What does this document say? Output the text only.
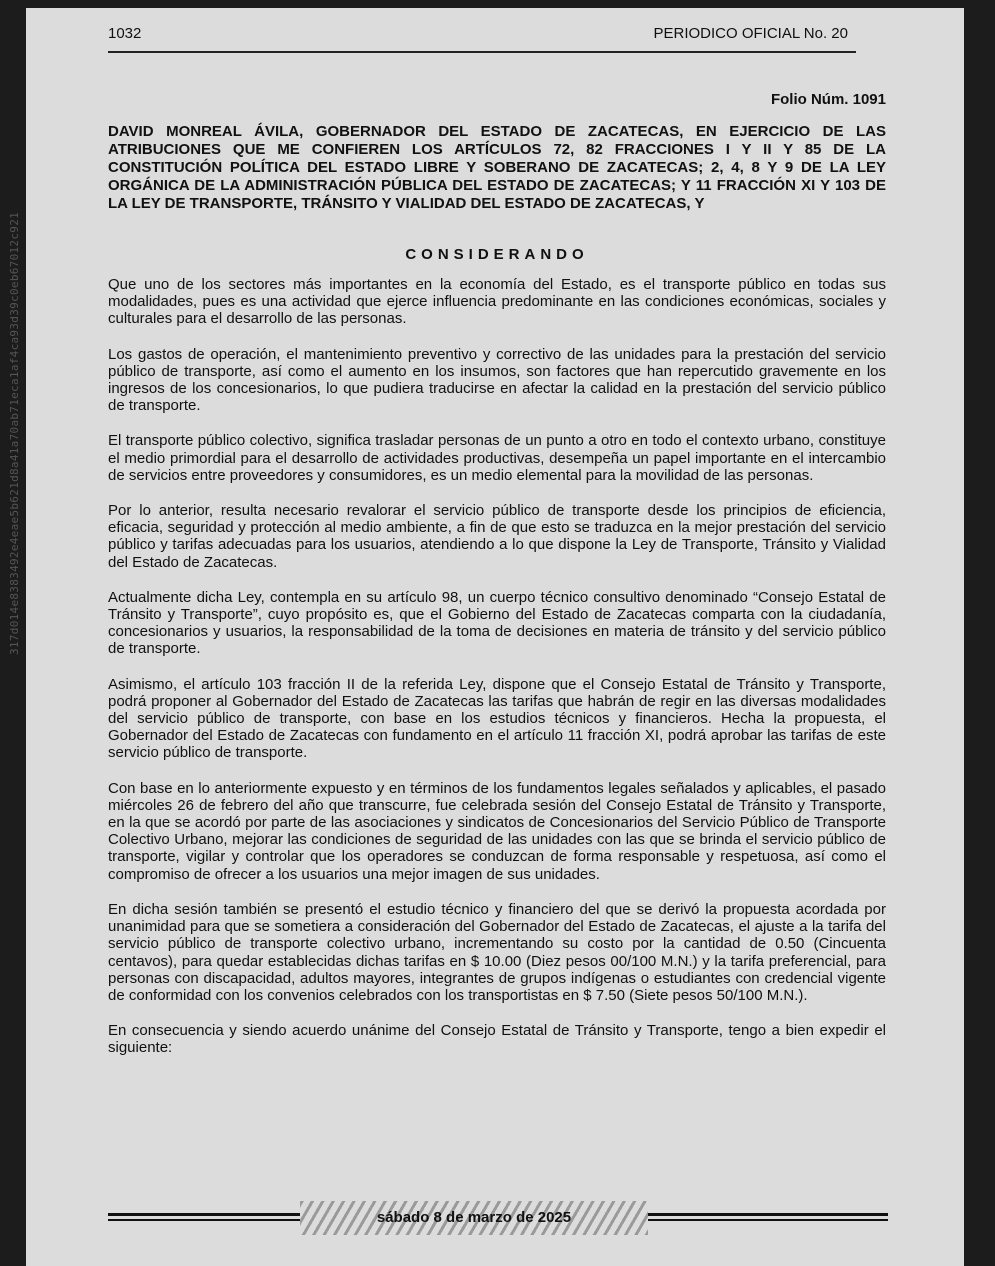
317d014e8383492e4eae5b621d8a41a70ab71eca1af4ca93d39c0eb67012c921
1032	PERIODICO OFICIAL No. 20
Folio Núm. 1091
DAVID MONREAL ÁVILA, GOBERNADOR DEL ESTADO DE ZACATECAS, EN EJERCICIO DE LAS ATRIBUCIONES QUE ME CONFIEREN LOS ARTÍCULOS 72, 82 FRACCIONES I Y II Y 85 DE LA CONSTITUCIÓN POLÍTICA DEL ESTADO LIBRE Y SOBERANO DE ZACATECAS; 2, 4, 8 Y 9 DE LA LEY ORGÁNICA DE LA ADMINISTRACIÓN PÚBLICA DEL ESTADO DE ZACATECAS; Y 11 FRACCIÓN XI Y 103 DE LA LEY DE TRANSPORTE, TRÁNSITO Y VIALIDAD DEL ESTADO DE ZACATECAS, Y
CONSIDERANDO

Que uno de los sectores más importantes en la economía del Estado, es el transporte público en todas sus modalidades, pues es una actividad que ejerce influencia predominante en las condiciones económicas, sociales y culturales para el desarrollo de las personas.

Los gastos de operación, el mantenimiento preventivo y correctivo de las unidades para la prestación del servicio público de transporte, así como el aumento en los insumos, son factores que han repercutido gravemente en los ingresos de los concesionarios, lo que pudiera traducirse en afectar la calidad en la prestación del servicio público de transporte.

El transporte público colectivo, significa trasladar personas de un punto a otro en todo el contexto urbano, constituye el medio primordial para el desarrollo de actividades productivas, desempeña un papel importante en el intercambio de servicios entre proveedores y consumidores, es un medio elemental para la movilidad de las personas.

Por lo anterior, resulta necesario revalorar el servicio público de transporte desde los principios de eficiencia, eficacia, seguridad y protección al medio ambiente, a fin de que esto se traduzca en la mejor prestación del servicio público y tarifas adecuadas para los usuarios, atendiendo a lo que dispone la Ley de Transporte, Tránsito y Vialidad del Estado de Zacatecas.

Actualmente dicha Ley, contempla en su artículo 98, un cuerpo técnico consultivo denominado “Consejo Estatal de Tránsito y Transporte”, cuyo propósito es, que el Gobierno del Estado de Zacatecas comparta con la ciudadanía, concesionarios y usuarios, la responsabilidad de la toma de decisiones en materia de tránsito y del servicio público de transporte.

Asimismo, el artículo 103 fracción II de la referida Ley, dispone que el Consejo Estatal de Tránsito y Transporte, podrá proponer al Gobernador del Estado de Zacatecas las tarifas que habrán de regir en las diversas modalidades del servicio público de transporte, con base en los estudios técnicos y financieros. Hecha la propuesta, el Gobernador del Estado de Zacatecas con fundamento en el artículo 11 fracción XI, podrá aprobar las tarifas de este servicio público de transporte.

Con base en lo anteriormente expuesto y en términos de los fundamentos legales señalados y aplicables, el pasado miércoles 26 de febrero del año que transcurre, fue celebrada sesión del Consejo Estatal de Tránsito y Transporte, en la que se acordó por parte de las asociaciones y sindicatos de Concesionarios del Servicio Público de Transporte Colectivo Urbano, mejorar las condiciones de seguridad de las unidades con las que se brinda el servicio público de transporte, vigilar y controlar que los operadores se conduzcan de forma responsable y respetuosa, así como el compromiso de ofrecer a los usuarios una mejor imagen de sus unidades.

En dicha sesión también se presentó el estudio técnico y financiero del que se derivó la propuesta acordada por unanimidad para que se sometiera a consideración del Gobernador del Estado de Zacatecas, el ajuste a la tarifa del servicio público de transporte colectivo urbano, incrementando su costo por la cantidad de 0.50 (Cincuenta centavos), para quedar establecidas dichas tarifas en $ 10.00 (Diez pesos 00/100 M.N.) y la tarifa preferencial, para personas con discapacidad, adultos mayores, integrantes de grupos indígenas o estudiantes con credencial vigente de conformidad con los convenios celebrados con los transportistas en $ 7.50 (Siete pesos 50/100 M.N.).

En consecuencia y siendo acuerdo unánime del Consejo Estatal de Tránsito y Transporte, tengo a bien expedir el siguiente:

sábado 8 de marzo de 2025
